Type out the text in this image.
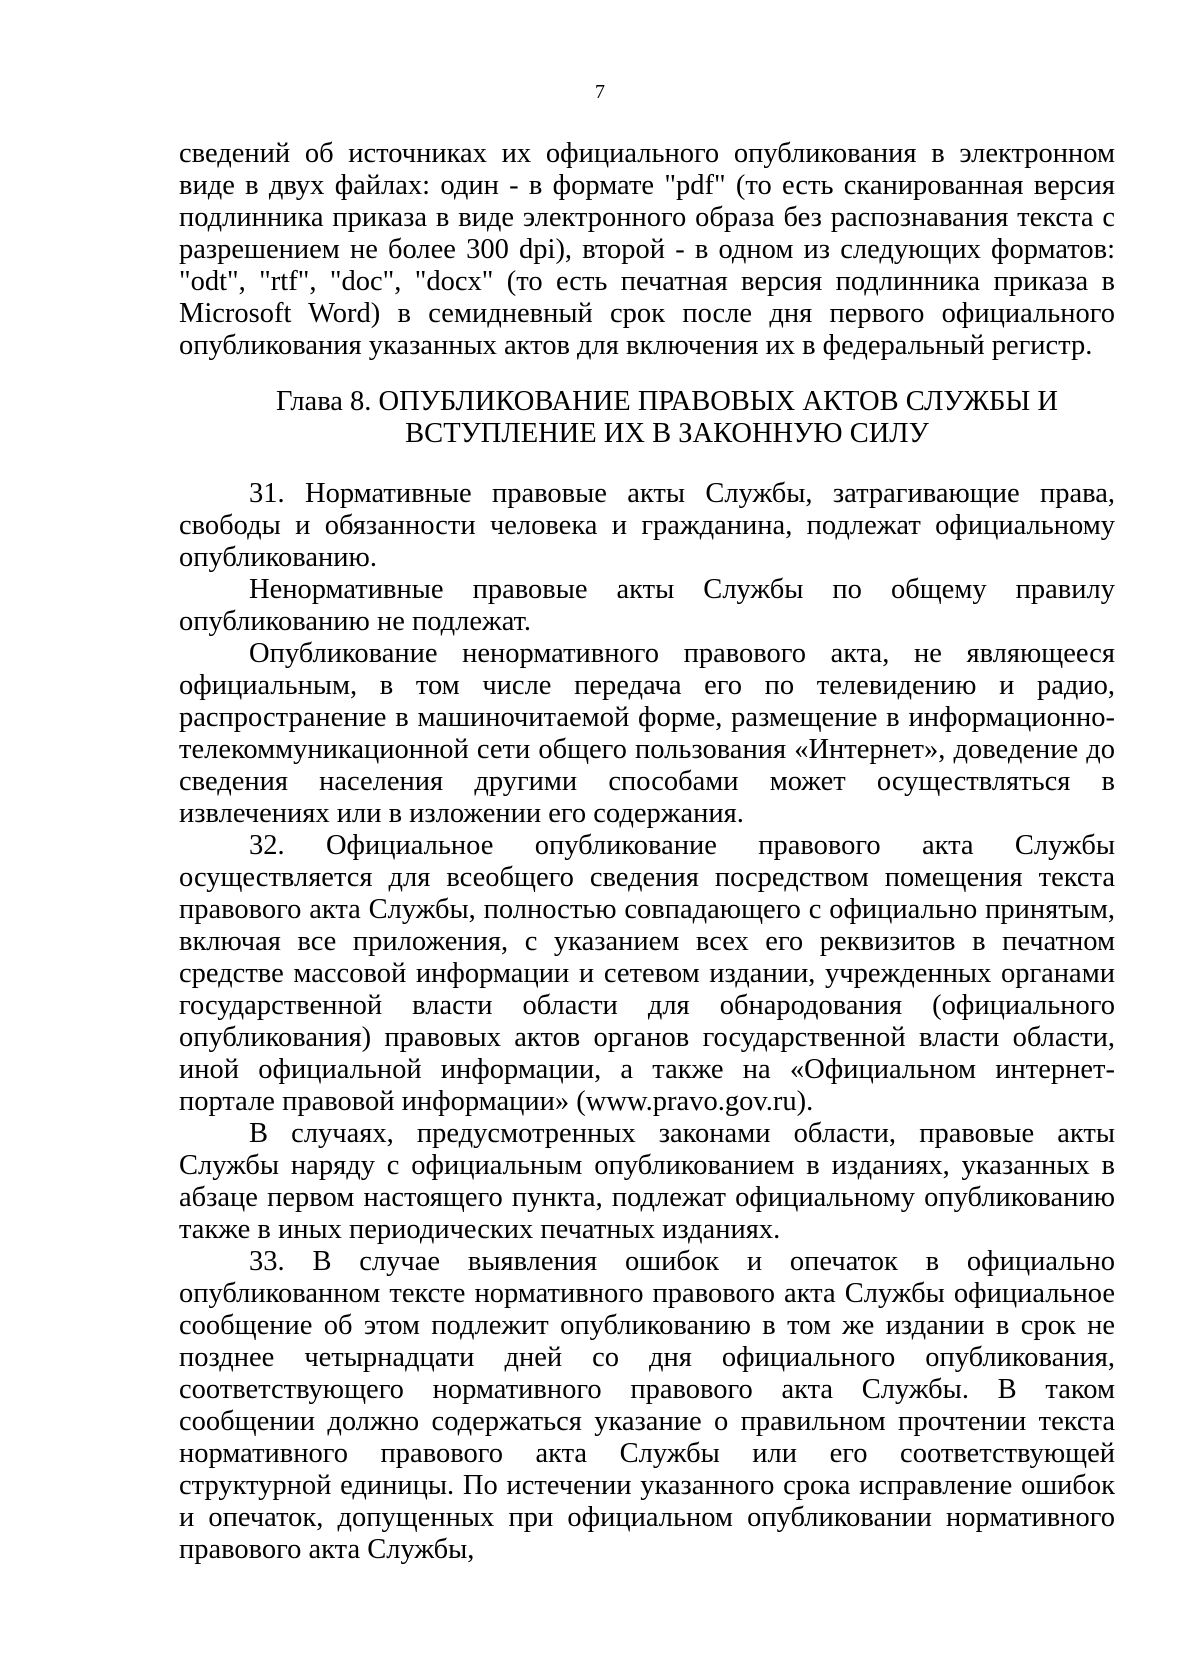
7

сведений об источниках их официального опубликования в электронном виде в двух файлах: один - в формате "pdf" (то есть сканированная версия подлинника приказа в виде электронного образа без распознавания текста с разрешением не более 300 dpi), второй - в одном из следующих форматов: "odt", "rtf", "doc", "docx" (то есть печатная версия подлинника приказа в Microsoft Word) в семидневный срок после дня первого официального опубликования указанных актов для включения их в федеральный регистр.

Глава 8. ОПУБЛИКОВАНИЕ ПРАВОВЫХ АКТОВ СЛУЖБЫ И
ВСТУПЛЕНИЕ ИХ В ЗАКОННУЮ СИЛУ

31. Нормативные правовые акты Службы, затрагивающие права, свободы и обязанности человека и гражданина, подлежат официальному опубликованию.

Ненормативные правовые акты Службы по общему правилу опубликованию не подлежат.

Опубликование ненормативного правового акта, не являющееся официальным, в том числе передача его по телевидению и радио, распространение в машиночитаемой форме, размещение в информационно-телекоммуникационной сети общего пользования «Интернет», доведение до сведения населения другими способами может осуществляться в извлечениях или в изложении его содержания.

32. Официальное опубликование правового акта Службы осуществляется для всеобщего сведения посредством помещения текста правового акта Службы, полностью совпадающего с официально принятым, включая все приложения, с указанием всех его реквизитов в печатном средстве массовой информации и сетевом издании, учрежденных органами государственной власти области для обнародования (официального опубликования) правовых актов органов государственной власти области, иной официальной информации, а также на «Официальном интернет-портале правовой информации» (www.pravo.gov.ru).

В случаях, предусмотренных законами области, правовые акты Службы наряду с официальным опубликованием в изданиях, указанных в абзаце первом настоящего пункта, подлежат официальному опубликованию также в иных периодических печатных изданиях.

33. В случае выявления ошибок и опечаток в официально опубликованном тексте нормативного правового акта Службы официальное сообщение об этом подлежит опубликованию в том же издании в срок не позднее четырнадцати дней со дня официального опубликования, соответствующего нормативного правового акта Службы. В таком сообщении должно содержаться указание о правильном прочтении текста нормативного правового акта Службы или его соответствующей структурной единицы. По истечении указанного срока исправление ошибок и опечаток, допущенных при официальном опубликовании нормативного правового акта Службы,
